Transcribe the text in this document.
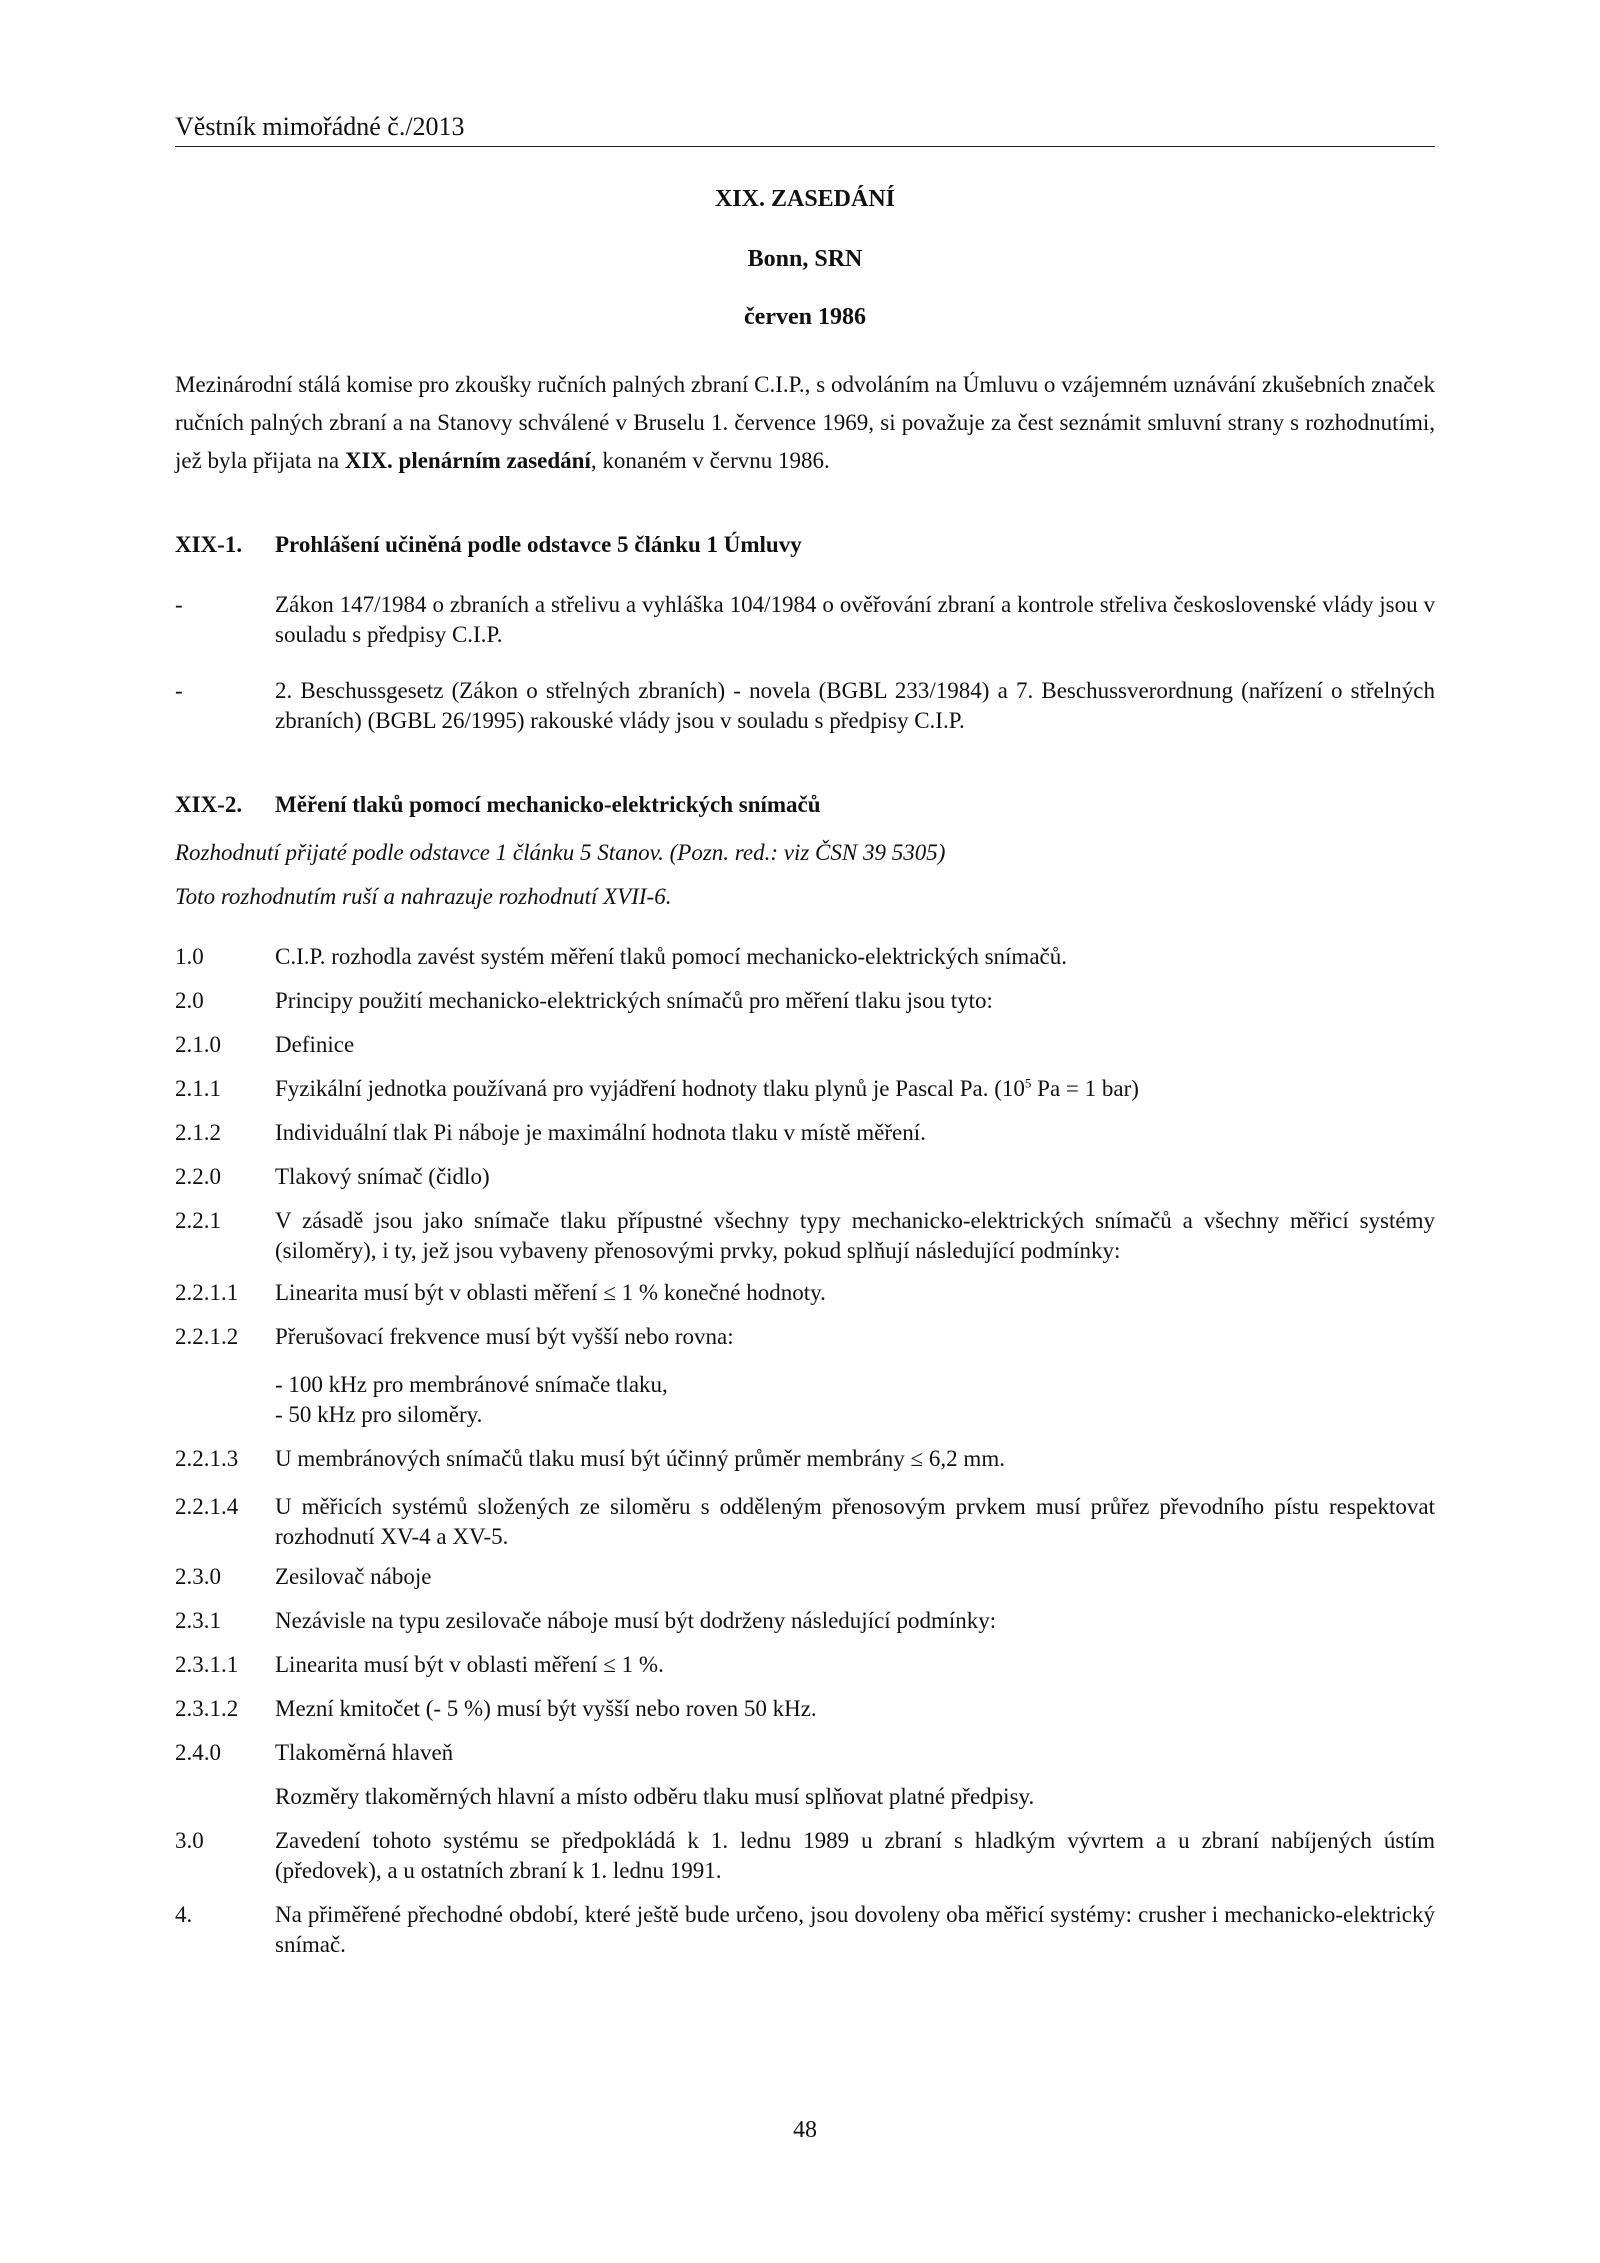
Věstník mimořádné č./2013
XIX. ZASEDÁNÍ
Bonn, SRN
červen 1986
Mezinárodní stálá komise pro zkoušky ručních palných zbraní C.I.P., s odvoláním na Úmluvu o vzájemném uznávání zkušebních značek ručních palných zbraní a na Stanovy schválené v Bruselu 1. července 1969, si považuje za čest seznámit smluvní strany s rozhodnutími, jež byla přijata na XIX. plenárním zasedání, konaném v červnu 1986.
XIX-1. Prohlášení učiněná podle odstavce 5 článku 1 Úmluvy
-	Zákon 147/1984 o zbraních a střelivu a vyhláška 104/1984 o ověřování zbraní a kontrole střeliva československé vlády jsou v souladu s předpisy C.I.P.
-	2. Beschussgesetz (Zákon o střelných zbraních) - novela (BGBL 233/1984) a 7. Beschussverordnung (nařízení o střelných zbraních) (BGBL 26/1995) rakouské vlády jsou v souladu s předpisy C.I.P.
XIX-2. Měření tlaků pomocí mechanicko-elektrických snímačů
Rozhodnutí přijaté podle odstavce 1 článku 5 Stanov. (Pozn. red.: viz ČSN 39 5305)
Toto rozhodnutím ruší a nahrazuje rozhodnutí XVII-6.
1.0	C.I.P. rozhodla zavést systém měření tlaků pomocí mechanicko-elektrických snímačů.
2.0	Principy použití mechanicko-elektrických snímačů pro měření tlaku jsou tyto:
2.1.0 Definice
2.1.1 Fyzikální jednotka používaná pro vyjádření hodnoty tlaku plynů je Pascal Pa. ($10^5$ Pa = 1 bar)
2.1.2 Individuální tlak Pi náboje je maximální hodnota tlaku v místě měření.
2.2.0 Tlakový snímač (čidlo)
2.2.1 V zásadě jsou jako snímače tlaku přípustné všechny typy mechanicko-elektrických snímačů a všechny měřicí systémy (siloměry), i ty, jež jsou vybaveny přenosovými prvky, pokud splňují následující podmínky:
2.2.1.1 Linearita musí být v oblasti měření ≤ 1 % konečné hodnoty.
2.2.1.2 Přerušovací frekvence musí být vyšší nebo rovna:
- 100 kHz pro membránové snímače tlaku,
- 50 kHz pro siloměry.
2.2.1.3 U membránových snímačů tlaku musí být účinný průměr membrány ≤ 6,2 mm.
2.2.1.4 U měřicích systémů složených ze siloměru s odděleným přenosovým prvkem musí průřez převodního pístu respektovat rozhodnutí XV-4 a XV-5.
2.3.0 Zesilovač náboje
2.3.1 Nezávisle na typu zesilovače náboje musí být dodrženy následující podmínky:
2.3.1.1 Linearita musí být v oblasti měření ≤ 1 %.
2.3.1.2 Mezní kmitočet (- 5 %) musí být vyšší nebo roven 50 kHz.
2.4.0 Tlakoměrná hlaveň
Rozměry tlakoměrných hlavní a místo odběru tlaku musí splňovat platné předpisy.
3.0	Zavedení tohoto systému se předpokládá k 1. lednu 1989 u zbraní s hladkým vývrtem a u zbraní nabíjených ústím (předovek), a u ostatních zbraní k 1. lednu 1991.
4.	Na přiměřené přechodné období, které ještě bude určeno, jsou dovoleny oba měřicí systémy: crusher i mechanicko-elektrický snímač.
48
